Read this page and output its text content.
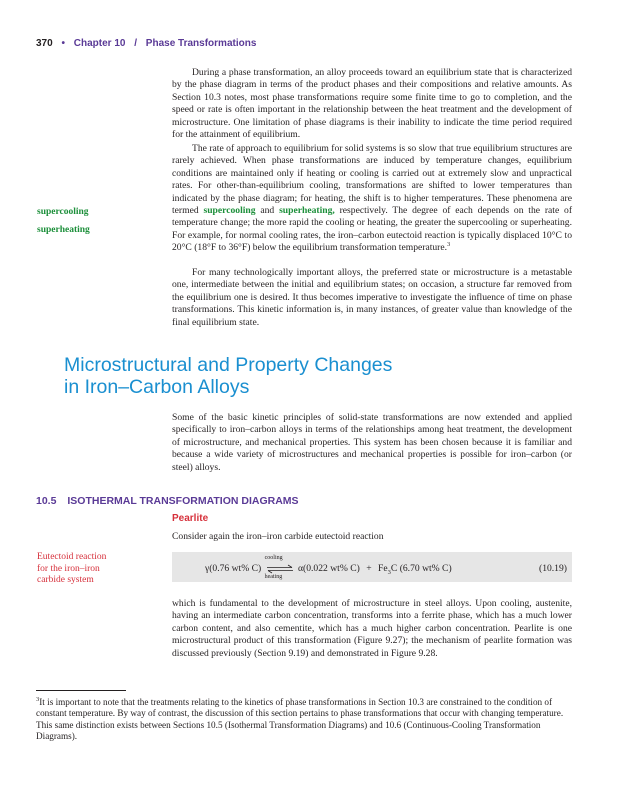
370 • Chapter 10 / Phase Transformations

During a phase transformation, an alloy proceeds toward an equilibrium state that is characterized by the phase diagram in terms of the product phases and their compositions and relative amounts. As Section 10.3 notes, most phase transformations require some finite time to go to completion, and the speed or rate is often important in the relationship between the heat treatment and the development of microstructure. One limitation of phase diagrams is their inability to indicate the time period required for the attainment of equilibrium.

The rate of approach to equilibrium for solid systems is so slow that true equilibrium structures are rarely achieved. When phase transformations are induced by temperature changes, equilibrium conditions are maintained only if heating or cooling is carried out at extremely slow and unpractical rates. For other-than-equilibrium cooling, transformations are shifted to lower temperatures than indicated by the phase diagram; for heating, the shift is to higher temperatures. These phenomena are termed supercooling and superheating, respectively. The degree of each depends on the rate of temperature change; the more rapid the cooling or heating, the greater the supercooling or superheating. For example, for normal cooling rates, the iron–carbon eutectoid reaction is typically displaced 10°C to 20°C (18°F to 36°F) below the equilibrium transformation temperature.$^3$

For many technologically important alloys, the preferred state or microstructure is a metastable one, intermediate between the initial and equilibrium states; on occasion, a structure far removed from the equilibrium one is desired. It thus becomes imperative to investigate the influence of time on phase transformations. This kinetic information is, in many instances, of greater value than knowledge of the final equilibrium state.

supercooling
superheating
Microstructural and Property Changes
in Iron–Carbon Alloys

Some of the basic kinetic principles of solid-state transformations are now extended and applied specifically to iron–carbon alloys in terms of the relationships among heat treatment, the development of microstructure, and mechanical properties. This system has been chosen because it is familiar and because a wide variety of microstructures and mechanical properties is possible for iron–carbon (or steel) alloys.

10.5 ISOTHERMAL TRANSFORMATION DIAGRAMS
Pearlite

Consider again the iron–iron carbide eutectoid reaction

Eutectoid reaction
for the iron–iron
carbide system
γ(0.76 wt% C)
cooling
heating
α(0.022 wt% $C) + Fe_3C$ (6.70 wt% C)	(10.19)

which is fundamental to the development of microstructure in steel alloys. Upon cooling, austenite, having an intermediate carbon concentration, transforms into a ferrite phase, which has a much lower carbon content, and also cementite, which has a much higher carbon concentration. Pearlite is one microstructural product of this transformation (Figure 9.27); the mechanism of pearlite formation was discussed previously (Section 9.19) and demonstrated in Figure 9.28.

$^3$It is important to note that the treatments relating to the kinetics of phase transformations in Section 10.3 are constrained to the condition of constant temperature. By way of contrast, the discussion of this section pertains to phase transformations that occur with changing temperature. This same distinction exists between Sections 10.5 (Isothermal Transformation Diagrams) and 10.6 (Continuous-Cooling Transformation Diagrams).
